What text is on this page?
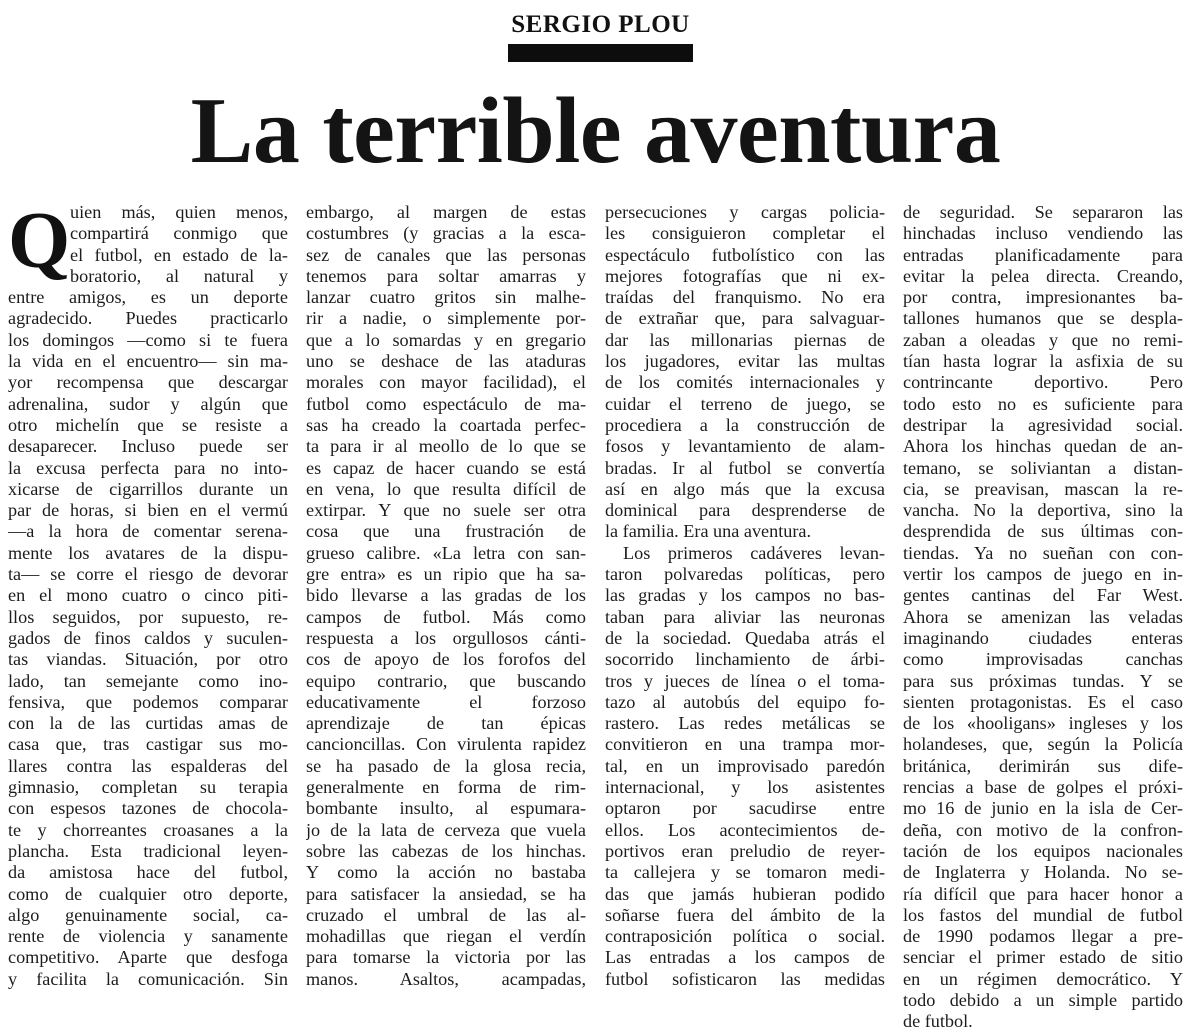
SERGIO PLOU
La terrible aventura
Q uien más, quien menos,
compartirá conmigo que
el futbol, en estado de la-
boratorio, al natural y
entre amigos, es un deporte
agradecido. Puedes practicarlo
los domingos —como si te fuera
la vida en el encuentro— sin ma-
yor recompensa que descargar
adrenalina, sudor y algún que
otro michelín que se resiste a
desaparecer. Incluso puede ser
la excusa perfecta para no into-
xicarse de cigarrillos durante un
par de horas, si bien en el vermú
—a la hora de comentar serena-
mente los avatares de la dispu-
ta— se corre el riesgo de devorar
en el mono cuatro o cinco piti-
llos seguidos, por supuesto, re-
gados de finos caldos y suculen-
tas viandas. Situación, por otro
lado, tan semejante como ino-
fensiva, que podemos comparar
con la de las curtidas amas de
casa que, tras castigar sus mo-
llares contra las espalderas del
gimnasio, completan su terapia
con espesos tazones de chocola-
te y chorreantes croasanes a la
plancha. Esta tradicional leyen-
da amistosa hace del futbol,
como de cualquier otro deporte,
algo genuinamente social, ca-
rente de violencia y sanamente
competitivo. Aparte que desfoga
y facilita la comunicación. Sin
embargo, al margen de estas
costumbres (y gracias a la esca-
sez de canales que las personas
tenemos para soltar amarras y
lanzar cuatro gritos sin malhe-
rir a nadie, o simplemente por-
que a lo somardas y en gregario
uno se deshace de las ataduras
morales con mayor facilidad), el
futbol como espectáculo de ma-
sas ha creado la coartada perfec-
ta para ir al meollo de lo que se
es capaz de hacer cuando se está
en vena, lo que resulta difícil de
extirpar. Y que no suele ser otra
cosa que una frustración de
grueso calibre. «La letra con san-
gre entra» es un ripio que ha sa-
bido llevarse a las gradas de los
campos de futbol. Más como
respuesta a los orgullosos cánti-
cos de apoyo de los forofos del
equipo contrario, que buscando
educativamente el forzoso
aprendizaje de tan épicas
cancioncillas. Con virulenta rapidez
se ha pasado de la glosa recia,
generalmente en forma de rim-
bombante insulto, al espumara-
jo de la lata de cerveza que vuela
sobre las cabezas de los hinchas.
Y como la acción no bastaba
para satisfacer la ansiedad, se ha
cruzado el umbral de las al-
mohadillas que riegan el verdín
para tomarse la victoria por las
manos. Asaltos, acampadas,
persecuciones y cargas policia-
les consiguieron completar el
espectáculo futbolístico con las
mejores fotografías que ni ex-
traídas del franquismo. No era
de extrañar que, para salvaguar-
dar las millonarias piernas de
los jugadores, evitar las multas
de los comités internacionales y
cuidar el terreno de juego, se
procediera a la construcción de
fosos y levantamiento de alam-
bradas. Ir al futbol se convertía
así en algo más que la excusa
dominical para desprenderse de
la familia. Era una aventura.
Los primeros cadáveres levan-
taron polvaredas políticas, pero
las gradas y los campos no bas-
taban para aliviar las neuronas
de la sociedad. Quedaba atrás el
socorrido linchamiento de árbi-
tros y jueces de línea o el toma-
tazo al autobús del equipo fo-
rastero. Las redes metálicas se
convitieron en una trampa mor-
tal, en un improvisado paredón
internacional, y los asistentes
optaron por sacudirse entre
ellos. Los acontecimientos de-
portivos eran preludio de reyer-
ta callejera y se tomaron medi-
das que jamás hubieran podido
soñarse fuera del ámbito de la
contraposición política o social.
Las entradas a los campos de
futbol sofisticaron las medidas
de seguridad. Se separaron las
hinchadas incluso vendiendo las
entradas planificadamente para
evitar la pelea directa. Creando,
por contra, impresionantes ba-
tallones humanos que se despla-
zaban a oleadas y que no remi-
tían hasta lograr la asfixia de su
contrincante deportivo. Pero
todo esto no es suficiente para
destripar la agresividad social.
Ahora los hinchas quedan de an-
temano, se soliviantan a distan-
cia, se preavisan, mascan la re-
vancha. No la deportiva, sino la
desprendida de sus últimas con-
tiendas. Ya no sueñan con con-
vertir los campos de juego en in-
gentes cantinas del Far West.
Ahora se amenizan las veladas
imaginando ciudades enteras
como improvisadas canchas
para sus próximas tundas. Y se
sienten protagonistas. Es el caso
de los «hooligans» ingleses y los
holandeses, que, según la Policía
británica, derimirán sus dife-
rencias a base de golpes el próxi-
mo 16 de junio en la isla de Cer-
deña, con motivo de la confron-
tación de los equipos nacionales
de Inglaterra y Holanda. No se-
ría difícil que para hacer honor a
los fastos del mundial de futbol
de 1990 podamos llegar a pre-
senciar el primer estado de sitio
en un régimen democrático. Y
todo debido a un simple partido
de futbol.
